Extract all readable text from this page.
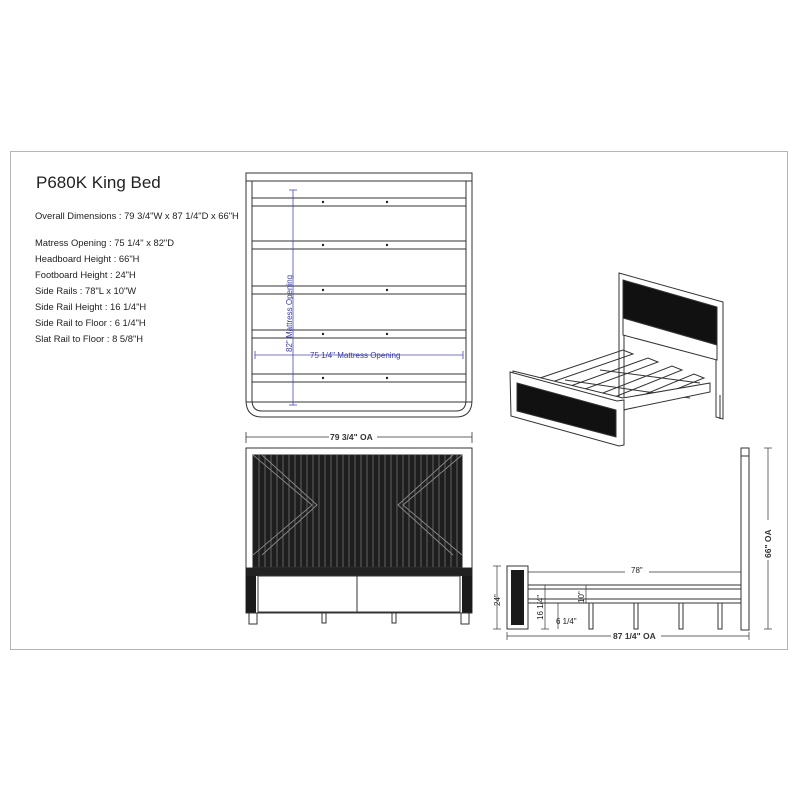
P680K King Bed
Overall Dimensions : 79 3/4"W x 87 1/4"D x 66"H
Matress Opening : 75 1/4" x 82"D
Headboard Height : 66"H
Footboard Height : 24"H
Side Rails : 78"L x 10"W
Side Rail Height : 16 1/4"H
Side Rail to Floor : 6 1/4"H
Slat Rail to Floor : 8 5/8"H	82" Mattress Opening
75 1/4" Mattress Opening
79 3/4" OA
78"
24"	16 1/4"	10"
6 1/4"
87 1/4" OA
66" OA
